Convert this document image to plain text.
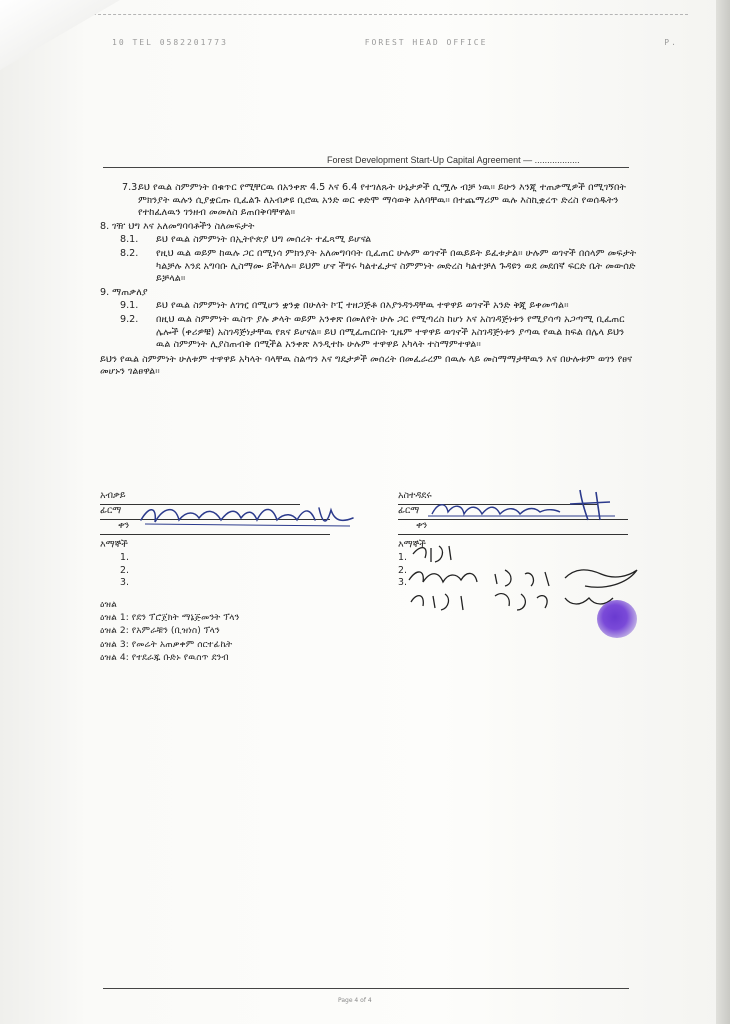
10 TEL 0582201773	FOREST HEAD OFFICE	P.
Forest Development Start-Up Capital Agreement — ..................
7.3.
ይህ የዉል ስምምነት በቁጥር የሚቸርዉ በአንቀጽ 4.5 እና 6.4 የተገለጹት ሁኔታዎች ሲሟሉ ብቻ ነዉ። ይሁን እንጂ ተጠቃሚዎች በሚገኝበት ምክንያት ዉሉን ሲያቋርጡ ቢፈልጉ ለአብቃዩ ቢሮዉ አንድ ወር ቀድሞ ማሳወቅ አለባቸዉ። በተጨማሪም ዉሉ እስኪቋረጥ ድረስ የወሰዱትን የተከፈለዉን ገንዘብ መመለስ ይጠበቅባቸዋል።
8. ገዥ ህግ እና አለመግባባቶችን ስለመፍታት
8.1. ይህ የዉል ስምምነት በኢትዮጵያ ህግ መሰረት ተፈጻሚ ይሆናል
8.2. የዚህ ዉል ወይም ከዉሉ ጋር በሚነሳ ምክንያት አለመግባባት ቢፈጠር ሁሉም ወገኖች በዉይይት ይፈቱታል። ሁሉም ወገኖች በሰላም መፍታት ካልቻሉ እንደ አግባቡ ሊስማሙ ይችላሉ። ይህም ሆኖ ችግሩ ካልተፈታና ስምምነት መድረስ ካልተቻለ ጉዳዩን ወደ መደበኛ ፍርድ ቤት መውሰድ ይቻላል።
9. ማጠቃለያ
9.1. ይህ የዉል ስምምነት ለገዢ በሚሆን ቋንቋ በሁለት ኮፒ ተዘጋጅቶ በእያንዳንዳቸዉ ተዋዋይ ወገኖች አንድ ቅጂ ይቀመጣል።
9.2. በዚህ ዉል ስምምነት ዉስጥ ያሉ ቃላት ወይም አንቀጽ በመለየት ሁሉ ጋር የሚጣረስ ከሆነ እና አስገዳጅነቱን የሚያሳጣ አጋጣሚ ቢፈጠር ሌሎች (ቀሪዎቹ) አስገዳጅነታቸዉ የጸና ይሆናል። ይህ በሚፈጠርበት ጊዜም ተዋዋይ ወገኖች አስገዳጅነቱን ያጣዉ የዉል ክፍል በሌላ ይህን ዉል ስምምነት ሊያስጠብቅ በሚችል አንቀጽ እንዲተኩ ሁሉም ተዋዋይ አካላት ተስማምተዋል።
ይህን የዉል ስምምነት ሁለቱም ተዋዋይ አካላት ባላቸዉ ስልጣን እና ግዴታዎች መሰረት በመፈራረም በዉሉ ላይ መስማማታቸዉን እና በሁሉቱም ወገን የፀና መሆኑን ገልፀዋል።
አብቃይ
ፊርማ
ቀን
እማኞች
1.
2.
3.
አስተዳደሩ
ፊርማ
ቀን
እማኞች
1.
2.
3.
ዕዝል
ዕዝል 1: የደን ፕሮጀክት ማኔጅመንት ፕላን
ዕዝል 2: የአምራቹን (ቢዝነስ) ፕላን
ዕዝል 3: የመሬት አጠቃቀም ሰርተፊኬት
ዕዝል 4: የተደራጁ ቡድኑ የዉስጥ ደንብ
Page 4 of 4
